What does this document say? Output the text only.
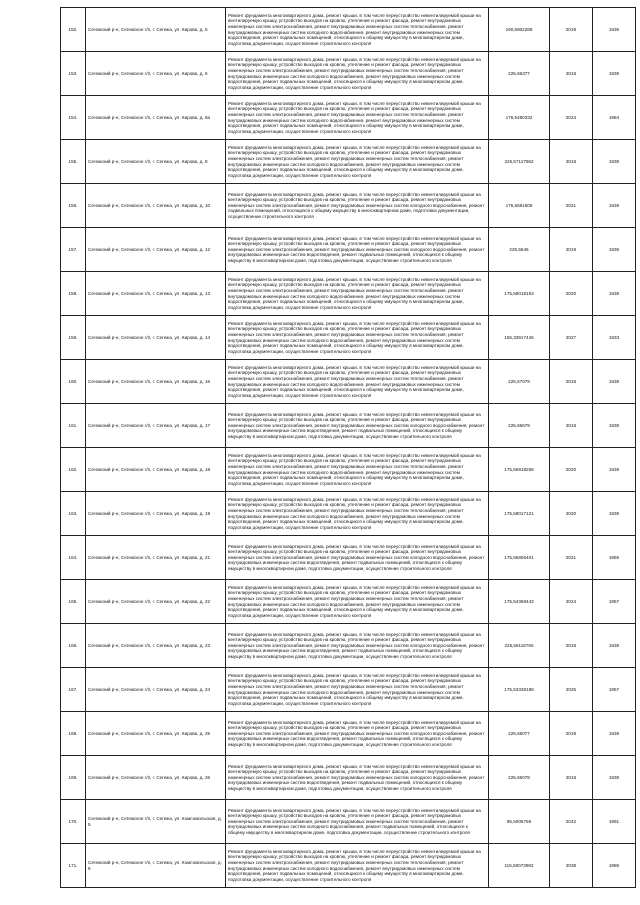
152.	Сегежский р-н, Сегежское г/п, г. Сегежа, ул. Кирова, д. 5	Ремонт фундамента многоквартирного дома, ремонт крыши, в том числе переустройство невентилируемой крыши на вентилируемую крышу, устройство выходов на кровлю, утепление и ремонт фасада, ремонт внутридомовых инженерных систем электроснабжения, ремонт внутридомовых инженерных систем теплоснабжения, ремонт внутридомовых инженерных систем холодного водоснабжения, ремонт внутридомовых инженерных систем водоотведения, ремонт подвальных помещений, относящихся к общему имуществу в многоквартирном доме, подготовка документации, осуществление строительного контроля	190,5802268	2019	1936
153.	Сегежский р-н, Сегежское г/п, г. Сегежа, ул. Кирова, д. 6	Ремонт фундамента многоквартирного дома, ремонт крыши, в том числе переустройство невентилируемой крыши на вентилируемую крышу, устройство выходов на кровлю, утепление и ремонт фасада, ремонт внутридомовых инженерных систем электроснабжения, ремонт внутридомовых инженерных систем теплоснабжения, ремонт внутридомовых инженерных систем холодного водоснабжения, ремонт внутридомовых инженерных систем водоотведения, ремонт подвальных помещений, относящихся к общему имуществу в многоквартирном доме, подготовка документации, осуществление строительного контроля	225,56377	2018	1939
154.	Сегежский р-н, Сегежское г/п, г. Сегежа, ул. Кирова, д. 6а	Ремонт фундамента многоквартирного дома, ремонт крыши, в том числе переустройство невентилируемой крыши на вентилируемую крышу, устройство выходов на кровлю, утепление и ремонт фасада, ремонт внутридомовых инженерных систем электроснабжения, ремонт внутридомовых инженерных систем теплоснабжения, ремонт внутридомовых инженерных систем холодного водоснабжения, ремонт внутридомовых инженерных систем водоотведения, ремонт подвальных помещений, относящихся к общему имуществу в многоквартирном доме, подготовка документации, осуществление строительного контроля	175,5480332	2024	1984
155.	Сегежский р-н, Сегежское г/п, г. Сегежа, ул. Кирова, д. 8	Ремонт фундамента многоквартирного дома, ремонт крыши, в том числе переустройство невентилируемой крыши на вентилируемую крышу, устройство выходов на кровлю, утепление и ремонт фасада, ремонт внутридомовых инженерных систем электроснабжения, ремонт внутридомовых инженерных систем теплоснабжения, ремонт внутридомовых инженерных систем холодного водоснабжения, ремонт внутридомовых инженерных систем водоотведения, ремонт подвальных помещений, относящихся к общему имуществу в многоквартирном доме, подготовка документации, осуществление строительного контроля	225,57117562	2018	1938
156.	Сегежский р-н, Сегежское г/п, г. Сегежа, ул. Кирова, д. 10	Ремонт фундамента многоквартирного дома, ремонт крыши, в том числе переустройство невентилируемой крыши на вентилируемую крышу, устройство выходов на кровлю, утепление и ремонт фасада, ремонт внутридомовых инженерных систем электроснабжения, ремонт внутридомовых инженерных систем холодного водоснабжения, ремонт подвальных помещений, относящихся к общему имуществу в многоквартирном доме, подготовка документации, осуществление строительного контроля	175,5581608	2021	1939
157.	Сегежский р-н, Сегежское г/п, г. Сегежа, ул. Кирова, д. 12	Ремонт фундамента многоквартирного дома, ремонт крыши, в том числе переустройство невентилируемой крыши на вентилируемую крышу, устройство выходов на кровлю, утепление и ремонт фасада, ремонт внутридомовых инженерных систем электроснабжения, ремонт внутридомовых инженерных систем холодного водоснабжения, ремонт внутридомовых инженерных систем водоотведения, ремонт подвальных помещений, относящихся к общему имуществу в многоквартирном доме, подготовка документации, осуществление строительного контроля	225,5646	2019	1936
158.	Сегежский р-н, Сегежское г/п, г. Сегежа, ул. Кирова, д. 13	Ремонт фундамента многоквартирного дома, ремонт крыши, в том числе переустройство невентилируемой крыши на вентилируемую крышу, устройство выходов на кровлю, утепление и ремонт фасада, ремонт внутридомовых инженерных систем электроснабжения, ремонт внутридомовых инженерных систем теплоснабжения, ремонт внутридомовых инженерных систем холодного водоснабжения, ремонт внутридомовых инженерных систем водоотведения, ремонт подвальных помещений, относящихся к общему имуществу в многоквартирном доме, подготовка документации, осуществление строительного контроля	175,58018153	2020	1938
159.	Сегежский р-н, Сегежское г/п, г. Сегежа, ул. Кирова, д. 14	Ремонт фундамента многоквартирного дома, ремонт крыши, в том числе переустройство невентилируемой крыши на вентилируемую крышу, устройство выходов на кровлю, утепление и ремонт фасада, ремонт внутридомовых инженерных систем электроснабжения, ремонт внутридомовых инженерных систем теплоснабжения, ремонт внутридомовых инженерных систем холодного водоснабжения, ремонт внутридомовых инженерных систем водоотведения, ремонт подвальных помещений, относящихся к общему имуществу в многоквартирном доме, подготовка документации, осуществление строительного контроля	155,33917446	2027	1933
160.	Сегежский р-н, Сегежское г/п, г. Сегежа, ул. Кирова, д. 16	Ремонт фундамента многоквартирного дома, ремонт крыши, в том числе переустройство невентилируемой крыши на вентилируемую крышу, устройство выходов на кровлю, утепление и ремонт фасада, ремонт внутридомовых инженерных систем электроснабжения, ремонт внутридомовых инженерных систем теплоснабжения, ремонт внутридомовых инженерных систем холодного водоснабжения, ремонт внутридомовых инженерных систем водоотведения, ремонт подвальных помещений, относящихся к общему имуществу в многоквартирном доме, подготовка документации, осуществление строительного контроля	225,57079	2018	1938
161.	Сегежский р-н, Сегежское г/п, г. Сегежа, ул. Кирова, д. 17	Ремонт фундамента многоквартирного дома, ремонт крыши, в том числе переустройство невентилируемой крыши на вентилируемую крышу, устройство выходов на кровлю, утепление и ремонт фасада, ремонт внутридомовых инженерных систем электроснабжения, ремонт внутридомовых инженерных систем холодного водоснабжения, ремонт внутридомовых инженерных систем водоотведения, ремонт подвальных помещений, относящихся к общему имуществу в многоквартирном доме, подготовка документации, осуществление строительного контроля	225,56679	2018	1938
162.	Сегежский р-н, Сегежское г/п, г. Сегежа, ул. Кирова, д. 18	Ремонт фундамента многоквартирного дома, ремонт крыши, в том числе переустройство невентилируемой крыши на вентилируемую крышу, устройство выходов на кровлю, утепление и ремонт фасада, ремонт внутридомовых инженерных систем электроснабжения, ремонт внутридомовых инженерных систем теплоснабжения, ремонт внутридомовых инженерных систем холодного водоснабжения, ремонт внутридомовых инженерных систем водоотведения, ремонт подвальных помещений, относящихся к общему имуществу в многоквартирном доме, подготовка документации, осуществление строительного контроля	175,55918268	2020	1939
163.	Сегежский р-н, Сегежское г/п, г. Сегежа, ул. Кирова, д. 19	Ремонт фундамента многоквартирного дома, ремонт крыши, в том числе переустройство невентилируемой крыши на вентилируемую крышу, устройство выходов на кровлю, утепление и ремонт фасада, ремонт внутридомовых инженерных систем электроснабжения, ремонт внутридомовых инженерных систем теплоснабжения, ремонт внутридомовых инженерных систем холодного водоснабжения, ремонт внутридомовых инженерных систем водоотведения, ремонт подвальных помещений, относящихся к общему имуществу в многоквартирном доме, подготовка документации, осуществление строительного контроля	175,58017121	2020	1939
164.	Сегежский р-н, Сегежское г/п, г. Сегежа, ул. Кирова, д. 21	Ремонт фундамента многоквартирного дома, ремонт крыши, в том числе переустройство невентилируемой крыши на вентилируемую крышу, устройство выходов на кровлю, утепление и ремонт фасада, ремонт внутридомовых инженерных систем электроснабжения, ремонт внутридомовых инженерных систем холодного водоснабжения, ремонт внутридомовых инженерных систем водоотведения, ремонт подвальных помещений, относящихся к общему имуществу в многоквартирном доме, подготовка документации, осуществление строительного контроля	175,55806401	2021	1955
165.	Сегежский р-н, Сегежское г/п, г. Сегежа, ул. Кирова, д. 22	Ремонт фундамента многоквартирного дома, ремонт крыши, в том числе переустройство невентилируемой крыши на вентилируемую крышу, устройство выходов на кровлю, утепление и ремонт фасада, ремонт внутридомовых инженерных систем электроснабжения, ремонт внутридомовых инженерных систем теплоснабжения, ремонт внутридомовых инженерных систем холодного водоснабжения, ремонт внутридомовых инженерных систем водоотведения, ремонт подвальных помещений, относящихся к общему имуществу в многоквартирном доме, подготовка документации, осуществление строительного контроля	175,54369443	2024	1957
166.	Сегежский р-н, Сегежское г/п, г. Сегежа, ул. Кирова, д. 23	Ремонт фундамента многоквартирного дома, ремонт крыши, в том числе переустройство невентилируемой крыши на вентилируемую крышу, устройство выходов на кровлю, утепление и ремонт фасада, ремонт внутридомовых инженерных систем электроснабжения, ремонт внутридомовых инженерных систем холодного водоснабжения, ремонт внутридомовых инженерных систем водоотведения, ремонт подвальных помещений, относящихся к общему имуществу в многоквартирном доме, подготовка документации, осуществление строительного контроля	225,56116765	2018	1938
167.	Сегежский р-н, Сегежское г/п, г. Сегежа, ул. Кирова, д. 24	Ремонт фундамента многоквартирного дома, ремонт крыши, в том числе переустройство невентилируемой крыши на вентилируемую крышу, устройство выходов на кровлю, утепление и ремонт фасада, ремонт внутридомовых инженерных систем электроснабжения, ремонт внутридомовых инженерных систем теплоснабжения, ремонт внутридомовых инженерных систем холодного водоснабжения, ремонт внутридомовых инженерных систем водоотведения, ремонт подвальных помещений, относящихся к общему имуществу в многоквартирном доме, подготовка документации, осуществление строительного контроля	175,53338188	2025	1957
168.	Сегежский р-н, Сегежское г/п, г. Сегежа, ул. Кирова, д. 25	Ремонт фундамента многоквартирного дома, ремонт крыши, в том числе переустройство невентилируемой крыши на вентилируемую крышу, устройство выходов на кровлю, утепление и ремонт фасада, ремонт внутридомовых инженерных систем электроснабжения, ремонт внутридомовых инженерных систем холодного водоснабжения, ремонт внутридомовых инженерных систем водоотведения, ремонт подвальных помещений, относящихся к общему имуществу в многоквартирном доме, подготовка документации, осуществление строительного контроля	225,56077	2019	1939
169.	Сегежский р-н, Сегежское г/п, г. Сегежа, ул. Кирова, д. 26	Ремонт фундамента многоквартирного дома, ремонт крыши, в том числе переустройство невентилируемой крыши на вентилируемую крышу, устройство выходов на кровлю, утепление и ремонт фасада, ремонт внутридомовых инженерных систем электроснабжения, ремонт внутридомовых инженерных систем холодного водоснабжения, ремонт внутридомовых инженерных систем водоотведения, ремонт подвальных помещений, относящихся к общему имуществу в многоквартирном доме, подготовка документации, осуществление строительного контроля	225,56078	2018	1938
170.	Сегежский р-н, Сегежское г/п, г. Сегежа, ул. Комсомольская, д. 5	Ремонт фундамента многоквартирного дома, ремонт крыши, в том числе переустройство невентилируемой крыши на вентилируемую крышу, устройство выходов на кровлю, утепление и ремонт фасада, ремонт внутридомовых инженерных систем электроснабжения, ремонт внутридомовых инженерных систем теплоснабжения, ремонт внутридомовых инженерных систем холодного водоснабжения, ремонт подвальных помещений, относящихся к общему имуществу в многоквартирном доме, подготовка документации, осуществление строительного контроля	95,5006756	2042	1991
171.	Сегежский р-н, Сегежское г/п, г. Сегежа, ул. Комсомольская, д. 6	Ремонт фундамента многоквартирного дома, ремонт крыши, в том числе переустройство невентилируемой крыши на вентилируемую крышу, устройство выходов на кровлю, утепление и ремонт фасада, ремонт внутридомовых инженерных систем электроснабжения, ремонт внутридомовых инженерных систем теплоснабжения, ремонт внутридомовых инженерных систем холодного водоснабжения, ремонт внутридомовых инженерных систем водоотведения, ремонт подвальных помещений, относящихся к общему имуществу в многоквартирном доме, подготовка документации, осуществление строительного контроля	115,50073982	2038	1986
